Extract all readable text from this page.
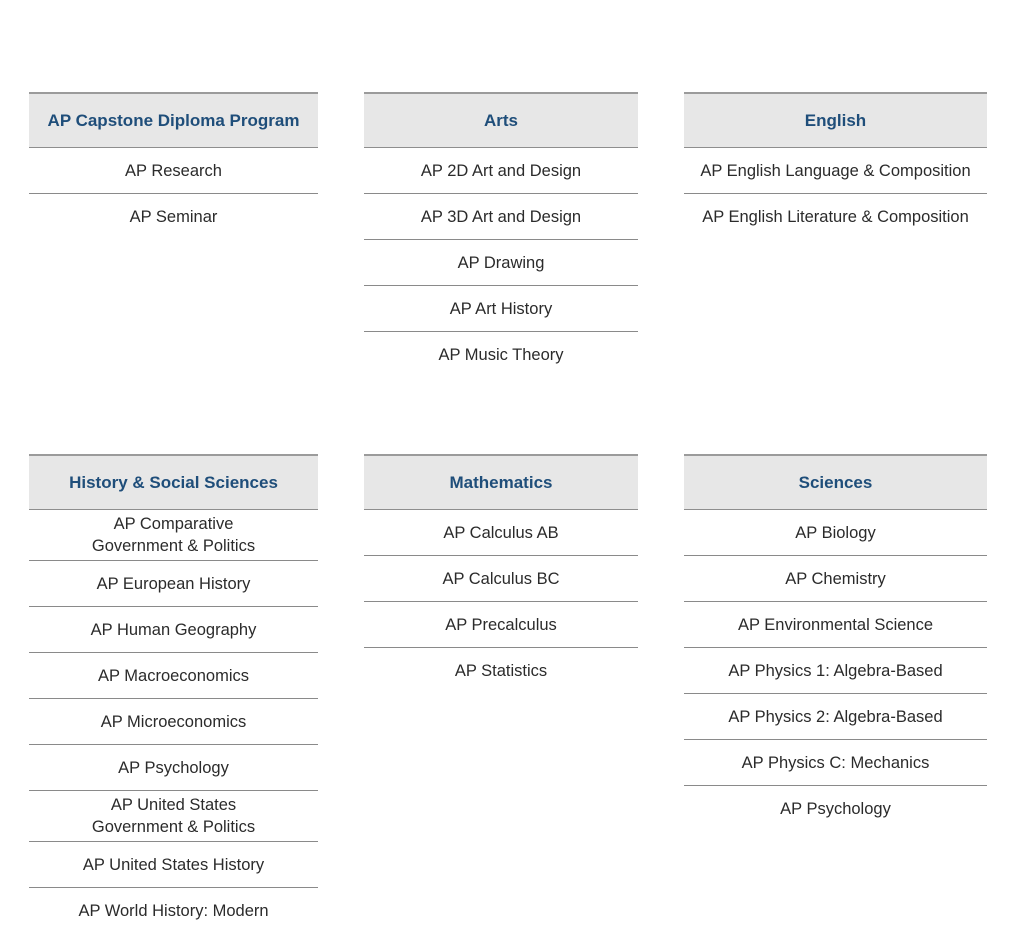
AP Capstone Diploma Program
AP Research
AP Seminar
Arts
AP 2D Art and Design
AP 3D Art and Design
AP Drawing
AP Art History
AP Music Theory
English
AP English Language & Composition
AP English Literature & Composition
History & Social Sciences
AP Comparative
Government & Politics
AP European History
AP Human Geography
AP Macroeconomics
AP Microeconomics
AP Psychology
AP United States
Government & Politics
AP United States History
AP World History: Modern
Mathematics
AP Calculus AB
AP Calculus BC
AP Precalculus
AP Statistics
Sciences
AP Biology
AP Chemistry
AP Environmental Science
AP Physics 1: Algebra-Based
AP Physics 2: Algebra-Based
AP Physics C: Mechanics
AP Psychology
